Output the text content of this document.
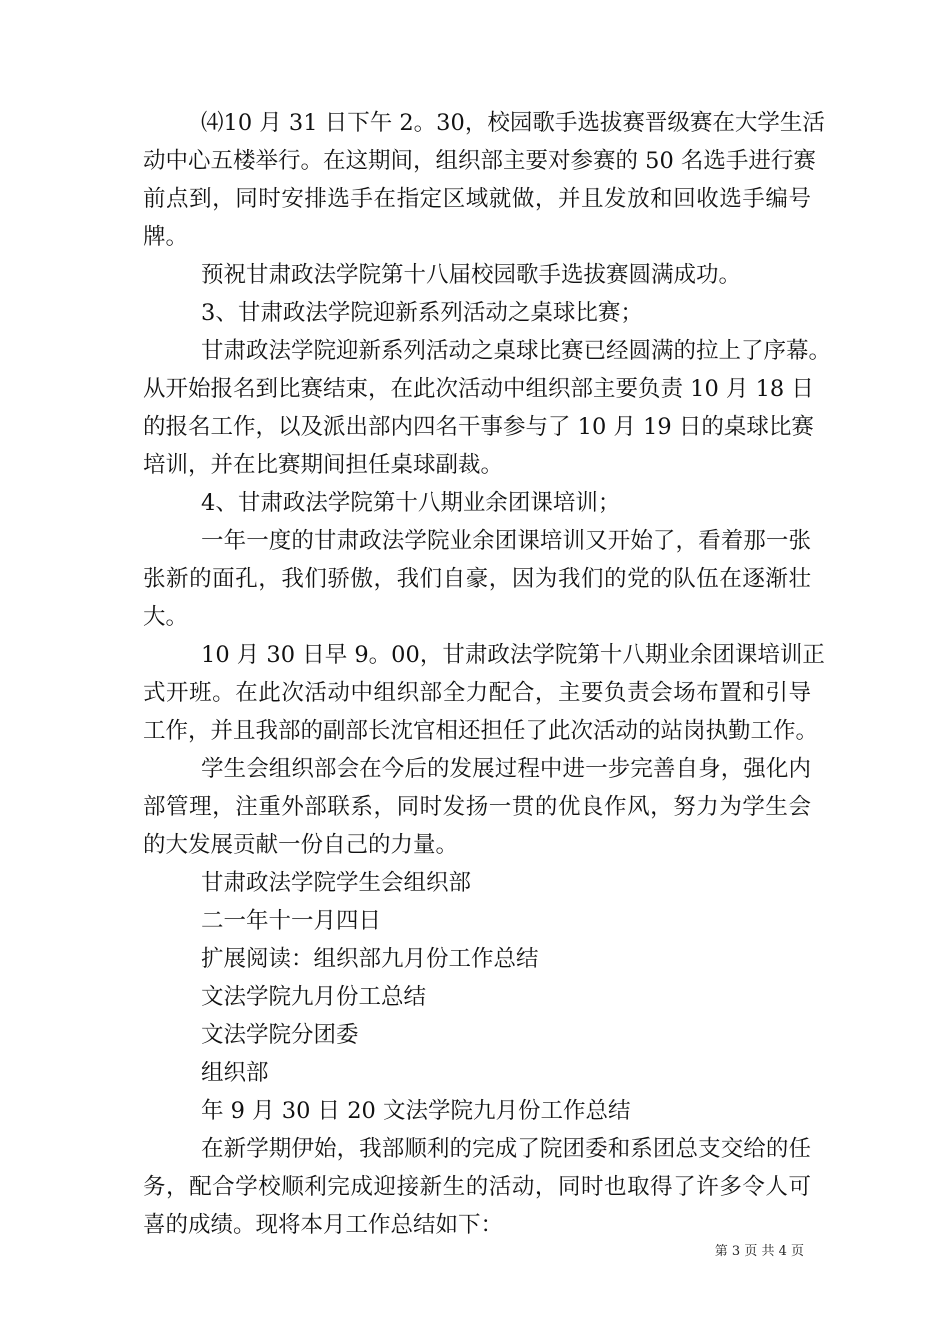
⑷10 月 31 日下午 2。30，校园歌手选拔赛晋级赛在大学生活
动中心五楼举行。在这期间，组织部主要对参赛的 50 名选手进行赛
前点到，同时安排选手在指定区域就做，并且发放和回收选手编号
牌。
预祝甘肃政法学院第十八届校园歌手选拔赛圆满成功。
3、甘肃政法学院迎新系列活动之桌球比赛；
甘肃政法学院迎新系列活动之桌球比赛已经圆满的拉上了序幕。
从开始报名到比赛结束，在此次活动中组织部主要负责 10 月 18 日
的报名工作，以及派出部内四名干事参与了 10 月 19 日的桌球比赛
培训，并在比赛期间担任桌球副裁。
4、甘肃政法学院第十八期业余团课培训；
一年一度的甘肃政法学院业余团课培训又开始了，看着那一张
张新的面孔，我们骄傲，我们自豪，因为我们的党的队伍在逐渐壮
大。
10 月 30 日早 9。00，甘肃政法学院第十八期业余团课培训正
式开班。在此次活动中组织部全力配合，主要负责会场布置和引导
工作，并且我部的副部长沈官相还担任了此次活动的站岗执勤工作。
学生会组织部会在今后的发展过程中进一步完善自身，强化内
部管理，注重外部联系，同时发扬一贯的优良作风，努力为学生会
的大发展贡献一份自己的力量。
甘肃政法学院学生会组织部
二一年十一月四日
扩展阅读：组织部九月份工作总结
文法学院九月份工总结
文法学院分团委
组织部
年 9 月 30 日 20 文法学院九月份工作总结
在新学期伊始，我部顺利的完成了院团委和系团总支交给的任
务，配合学校顺利完成迎接新生的活动，同时也取得了许多令人可
喜的成绩。现将本月工作总结如下：
第 3 页 共 4 页
